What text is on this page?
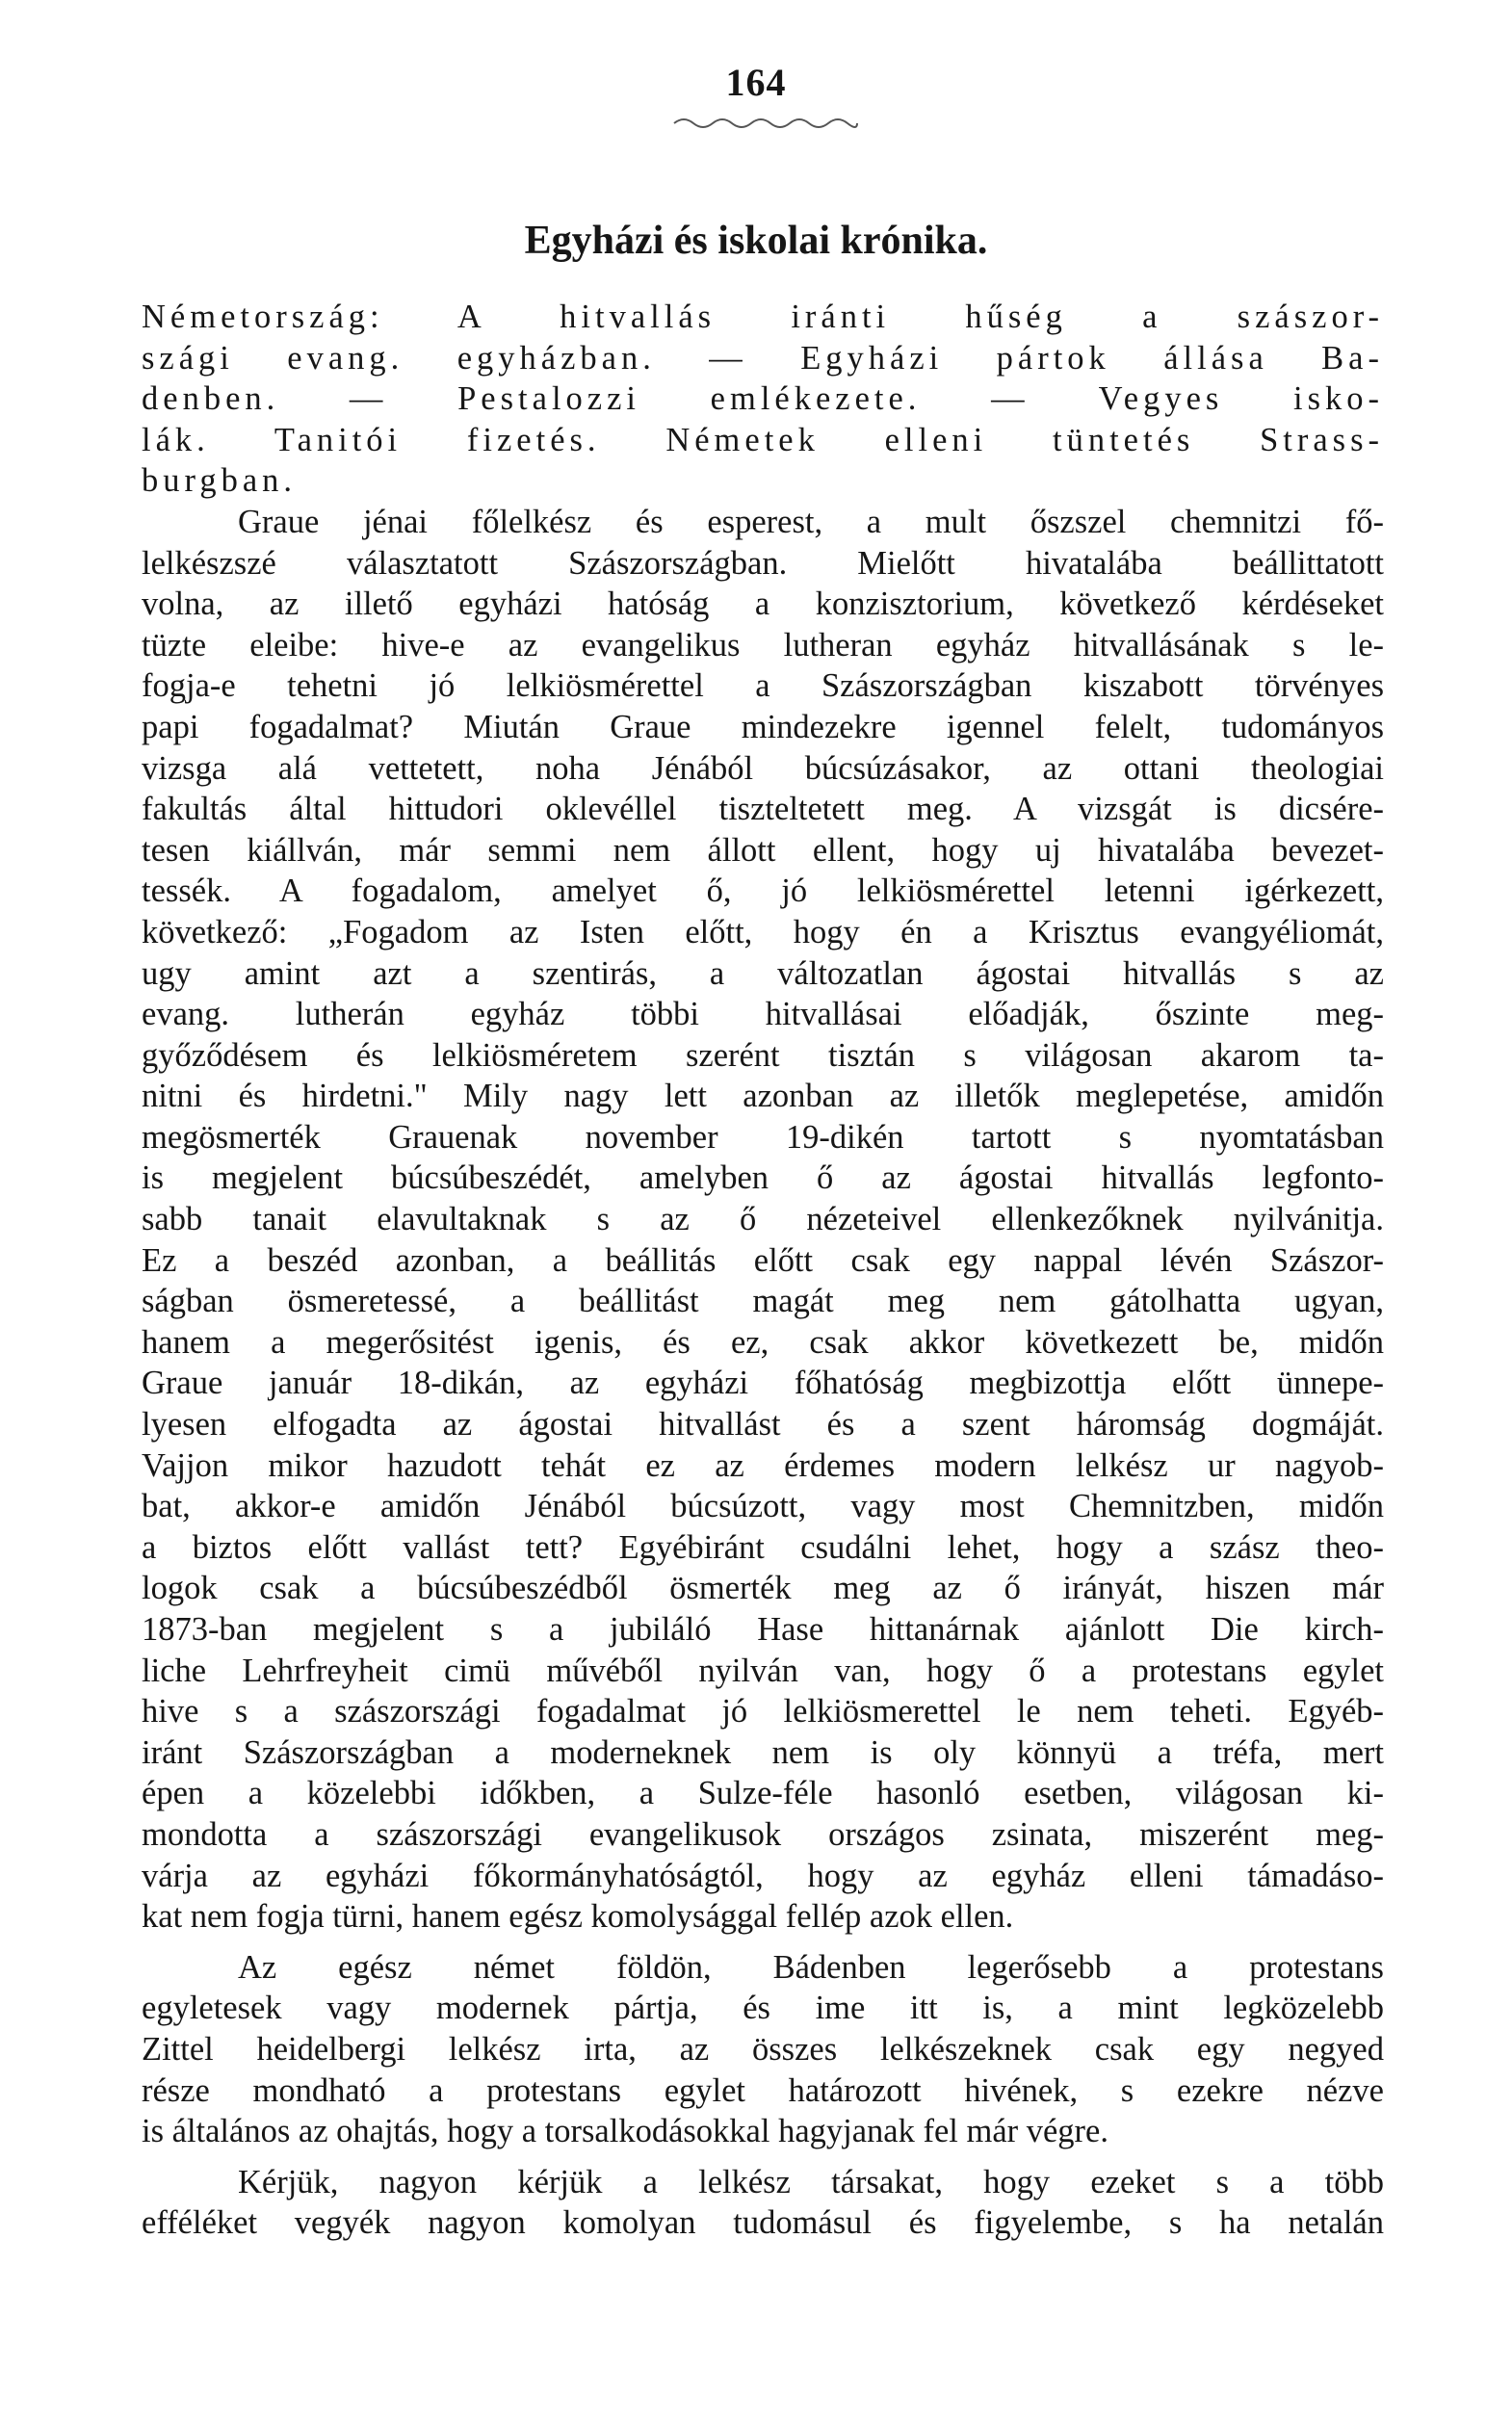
164
Egyházi és iskolai krónika.
Németország: A hitvallás iránti hűség a szászor-
szági evang. egyházban. — Egyházi pártok állása Ba-
denben. — Pestalozzi emlékezete. — Vegyes isko-
lák. Tanitói fizetés. Németek elleni tüntetés Strass-
burgban.
Graue jénai főlelkész és esperest, a mult őszszel chemnitzi fő-
lelkészszé választatott Szászországban. Mielőtt hivatalába beállittatott
volna, az illető egyházi hatóság a konzisztorium, következő kérdéseket
tüzte eleibe: hive-e az evangelikus lutheran egyház hitvallásának s le-
fogja-e tehetni jó lelkiösmérettel a Szászországban kiszabott törvényes
papi fogadalmat? Miután Graue mindezekre igennel felelt, tudományos
vizsga alá vettetett, noha Jénából búcsúzásakor, az ottani theologiai
fakultás által hittudori oklevéllel tiszteltetett meg. A vizsgát is dicsére-
tesen kiállván, már semmi nem állott ellent, hogy uj hivatalába bevezet-
tessék. A fogadalom, amelyet ő, jó lelkiösmérettel letenni igérkezett,
következő: „Fogadom az Isten előtt, hogy én a Krisztus evangyéliomát,
ugy amint azt a szentirás, a változatlan ágostai hitvallás s az
evang. lutherán egyház többi hitvallásai előadják, őszinte meg-
győződésem és lelkiösméretem szerént tisztán s világosan akarom ta-
nitni és hirdetni." Mily nagy lett azonban az illetők meglepetése, amidőn
megösmerték Grauenak november 19-dikén tartott s nyomtatásban
is megjelent búcsúbeszédét, amelyben ő az ágostai hitvallás legfonto-
sabb tanait elavultaknak s az ő nézeteivel ellenkezőknek nyilvánitja.
Ez a beszéd azonban, a beállitás előtt csak egy nappal lévén Szászor-
ságban ösmeretessé, a beállitást magát meg nem gátolhatta ugyan,
hanem a megerősitést igenis, és ez, csak akkor következett be, midőn
Graue január 18-dikán, az egyházi főhatóság megbizottja előtt ünnepe-
lyesen elfogadta az ágostai hitvallást és a szent háromság dogmáját.
Vajjon mikor hazudott tehát ez az érdemes modern lelkész ur nagyob-
bat, akkor-e amidőn Jénából búcsúzott, vagy most Chemnitzben, midőn
a biztos előtt vallást tett? Egyébiránt csudálni lehet, hogy a szász theo-
logok csak a búcsúbeszédből ösmerték meg az ő irányát, hiszen már
1873-ban megjelent s a jubiláló Hase hittanárnak ajánlott Die kirch-
liche Lehrfreyheit cimü művéből nyilván van, hogy ő a protestans egylet
hive s a szászországi fogadalmat jó lelkiösmerettel le nem teheti. Egyéb-
iránt Szászországban a moderneknek nem is oly könnyü a tréfa, mert
épen a közelebbi időkben, a Sulze-féle hasonló esetben, világosan ki-
mondotta a szászországi evangelikusok országos zsinata, miszerént meg-
várja az egyházi főkormányhatóságtól, hogy az egyház elleni támadáso-
kat nem fogja türni, hanem egész komolysággal fellép azok ellen.
Az egész német földön, Bádenben legerősebb a protestans
egyletesek vagy modernek pártja, és ime itt is, a mint legközelebb
Zittel heidelbergi lelkész irta, az összes lelkészeknek csak egy negyed
része mondható a protestans egylet határozott hivének, s ezekre nézve
is általános az ohajtás, hogy a torsalkodásokkal hagyjanak fel már végre.
Kérjük, nagyon kérjük a lelkész társakat, hogy ezeket s a több
efféléket vegyék nagyon komolyan tudomásul és figyelembe, s ha netalán
